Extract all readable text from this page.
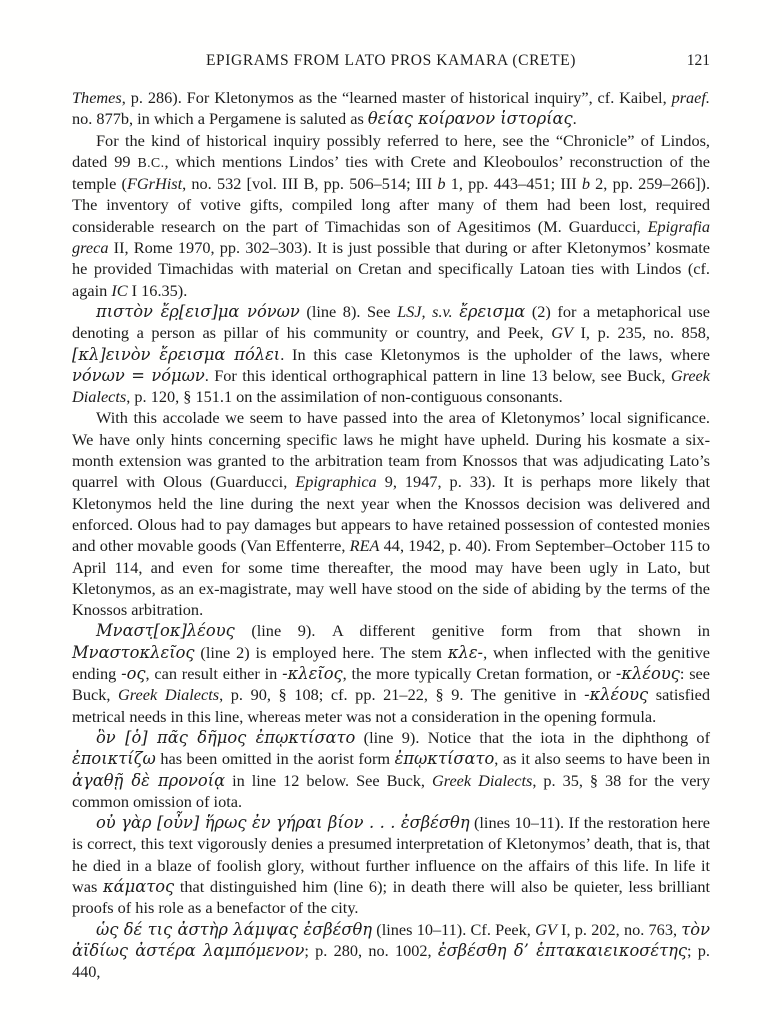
EPIGRAMS FROM LATO PROS KAMARA (CRETE)	121

Themes, p. 286). For Kletonymos as the “learned master of historical inquiry”, cf. Kaibel, praef. no. 877b, in which a Pergamene is saluted as θείας κοίρανον ἱστορίας.

For the kind of historical inquiry possibly referred to here, see the “Chronicle” of Lindos, dated 99 B.C., which mentions Lindos’ ties with Crete and Kleoboulos’ reconstruction of the temple (FGrHist, no. 532 [vol. III B, pp. 506–514; III b 1, pp. 443–451; III b 2, pp. 259–266]). The inventory of votive gifts, compiled long after many of them had been lost, required considerable research on the part of Timachidas son of Agesitimos (M. Guarducci, Epigrafia greca II, Rome 1970, pp. 302–303). It is just possible that during or after Kletonymos’ kosmate he provided Timachidas with material on Cretan and specifically Latoan ties with Lindos (cf. again IC I 16.35).

πιστὸν ἔρ̣[εισ]μα νόνων (line 8). See LSJ, s.v. ἔρεισμα (2) for a metaphorical use denoting a person as pillar of his community or country, and Peek, GV I, p. 235, no. 858, [κλ]εινὸν ἔρεισμα πόλει. In this case Kletonymos is the upholder of the laws, where νόνων = νόμων. For this identical orthographical pattern in line 13 below, see Buck, Greek Dialects, p. 120, § 151.1 on the assimilation of non-contiguous consonants.

With this accolade we seem to have passed into the area of Kletonymos’ local significance. We have only hints concerning specific laws he might have upheld. During his kosmate a six-month extension was granted to the arbitration team from Knossos that was adjudicating Lato’s quarrel with Olous (Guarducci, Epigraphica 9, 1947, p. 33). It is perhaps more likely that Kletonymos held the line during the next year when the Knossos decision was delivered and enforced. Olous had to pay damages but appears to have retained possession of contested monies and other movable goods (Van Effenterre, REA 44, 1942, p. 40). From September–October 115 to April 114, and even for some time thereafter, the mood may have been ugly in Lato, but Kletonymos, as an ex-magistrate, may well have stood on the side of abiding by the terms of the Knossos arbitration.

Μναστ̣[οκ]λέους (line 9). A different genitive form from that shown in Μναστοκλεῖος (line 2) is employed here. The stem κλε-, when inflected with the genitive ending -ος, can result either in -κλεῖος, the more typically Cretan formation, or -κλέους: see Buck, Greek Dialects, p. 90, § 108; cf. pp. 21–22, § 9. The genitive in -κλέους satisfied metrical needs in this line, whereas meter was not a consideration in the opening formula.

ὃν [ὁ] πᾶς δῆμος ἐπῳκτίσατο (line 9). Notice that the iota in the diphthong of ἐποικτίζω has been omitted in the aorist form ἐπῳκτίσατο, as it also seems to have been in ἀγαθῇ δὲ προνοίᾳ in line 12 below. See Buck, Greek Dialects, p. 35, § 38 for the very common omission of iota.

οὐ γὰρ [οὖν] ἥρως ἐν γήραι βίον . . . ἐσβέσθη (lines 10–11). If the restoration here is correct, this text vigorously denies a presumed interpretation of Kletonymos’ death, that is, that he died in a blaze of foolish glory, without further influence on the affairs of this life. In life it was κάματος that distinguished him (line 6); in death there will also be quieter, less brilliant proofs of his role as a benefactor of the city.

ὡς δέ τις ἀστὴρ λάμψας ἐσβέσθη (lines 10–11). Cf. Peek, GV I, p. 202, no. 763, τὸν ἀϊδίως ἀστέρα λαμπόμενον; p. 280, no. 1002, ἐσβέσθη δ’ ἑπτακαιεικοσέτης; p. 440,
